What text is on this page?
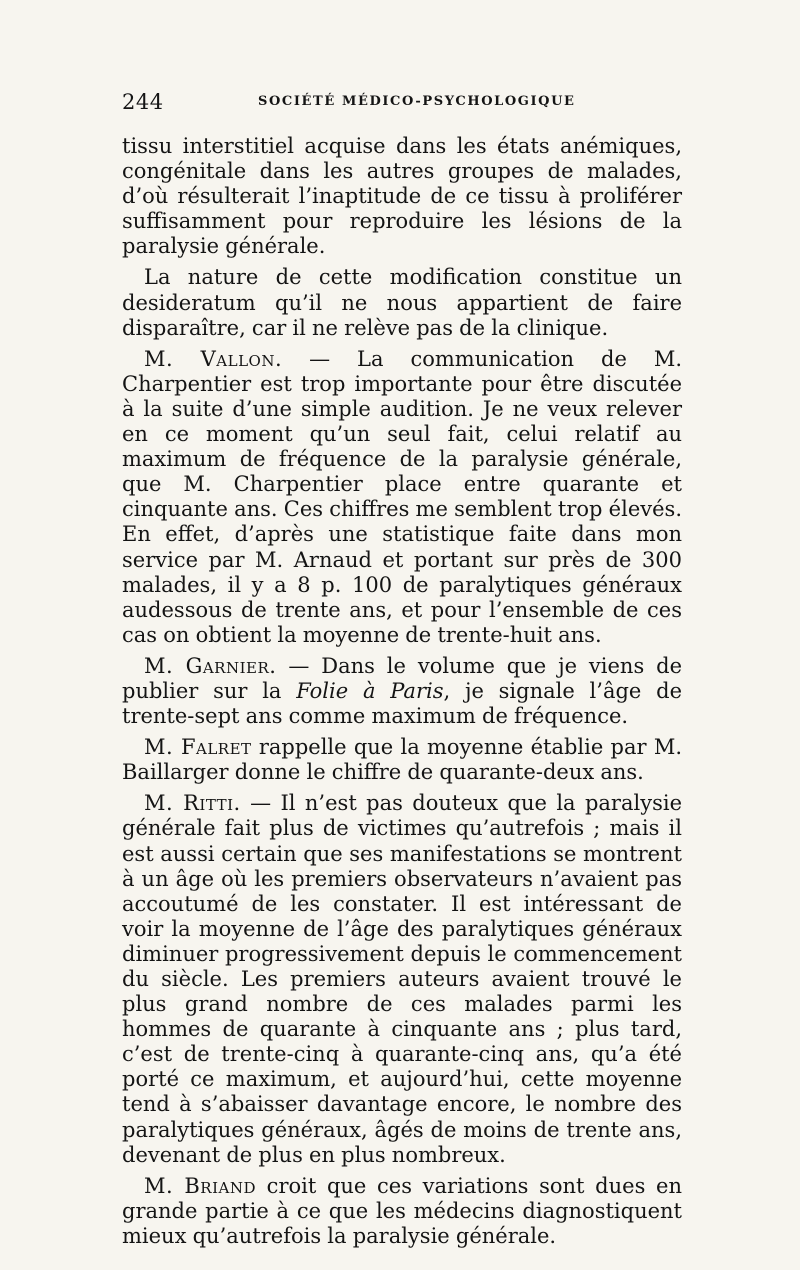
244	SOCIÉTÉ MÉDICO-PSYCHOLOGIQUE

tissu interstitiel acquise dans les états anémiques, congénitale dans les autres groupes de malades, d’où résulterait l’inaptitude de ce tissu à proliférer suffisamment pour reproduire les lésions de la paralysie générale.

La nature de cette modification constitue un desideratum qu’il ne nous appartient de faire disparaître, car il ne relève pas de la clinique.

M. Vallon. — La communication de M. Charpentier est trop importante pour être discutée à la suite d’une simple audition. Je ne veux relever en ce moment qu’un seul fait, celui relatif au maximum de fréquence de la paralysie générale, que M. Charpentier place entre quarante et cinquante ans. Ces chiffres me semblent trop élevés. En effet, d’après une statistique faite dans mon service par M. Arnaud et portant sur près de 300 malades, il y a 8 p. 100 de paralytiques généraux audessous de trente ans, et pour l’ensemble de ces cas on obtient la moyenne de trente-huit ans.

M. Garnier. — Dans le volume que je viens de publier sur la Folie à Paris, je signale l’âge de trente-sept ans comme maximum de fréquence.

M. Falret rappelle que la moyenne établie par M. Baillarger donne le chiffre de quarante-deux ans.

M. Ritti. — Il n’est pas douteux que la paralysie générale fait plus de victimes qu’autrefois ; mais il est aussi certain que ses manifestations se montrent à un âge où les premiers observateurs n’avaient pas accoutumé de les constater. Il est intéressant de voir la moyenne de l’âge des paralytiques généraux diminuer progressivement depuis le commencement du siècle. Les premiers auteurs avaient trouvé le plus grand nombre de ces malades parmi les hommes de quarante à cinquante ans ; plus tard, c’est de trente-cinq à quarante-cinq ans, qu’a été porté ce maximum, et aujourd’hui, cette moyenne tend à s’abaisser davantage encore, le nombre des paralytiques généraux, âgés de moins de trente ans, devenant de plus en plus nombreux.

M. Briand croit que ces variations sont dues en grande partie à ce que les médecins diagnostiquent mieux qu’autrefois la paralysie générale.
